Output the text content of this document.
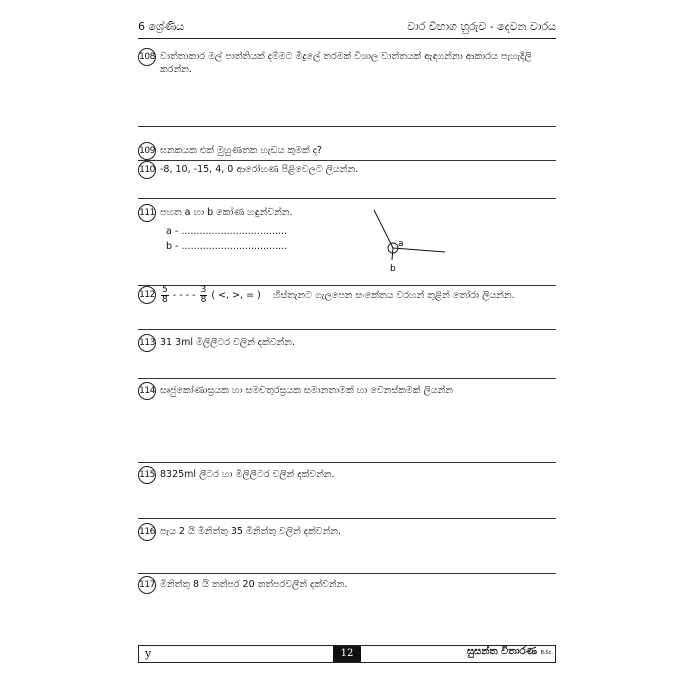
6 ශ්‍රේණිය	වාර විභාග හුරුව - දෙවන වාරය
108 වාත්තාකාර මල් පාත්තියක් දම්මට මීදුලේ තරමක් විශාල වාත්තයක් ඇඳගන්නා ආකාරය පැහැදිලි කරන්න.
109 ඝනකයක එක් මුහුණතක හැඩය කුමක් ද?
110 -8, 10, -15, 4, 0 ආරෝහණ පිළිවෙලට ලියන්න.
111 පහත a හා b කෝණ හඳුන්වන්න.
a - ...................................
b - ...................................	a
b
$112 \frac{5}{8}$ - - - - $\frac{3}{8}$ ( <, >, = ) හිස්තැනට ගැලපෙන සංකේතය වරහන් තුළින් තෝරා ලියන්න.
113 31 3ml මිලිලීටර වලින් දක්වන්න.
114 සෘජුකෝණාස්‍රයක හා සමචතුරස්‍රයක සමානතාමක් හා වෙනස්කමක් ලියන්න
115 8325ml ලීටර හා මිලිලීටර වලින් දක්වන්න.
116 පැය 2 යි මිනිත්තු 35 මිනිත්තු වලින් දක්වන්න.
117 මිනිත්තු 8 යි තත්පර 20 තත්පරවලින් දක්වන්න.
y	12	සුසන්ත විතාරණ B.Sc.
